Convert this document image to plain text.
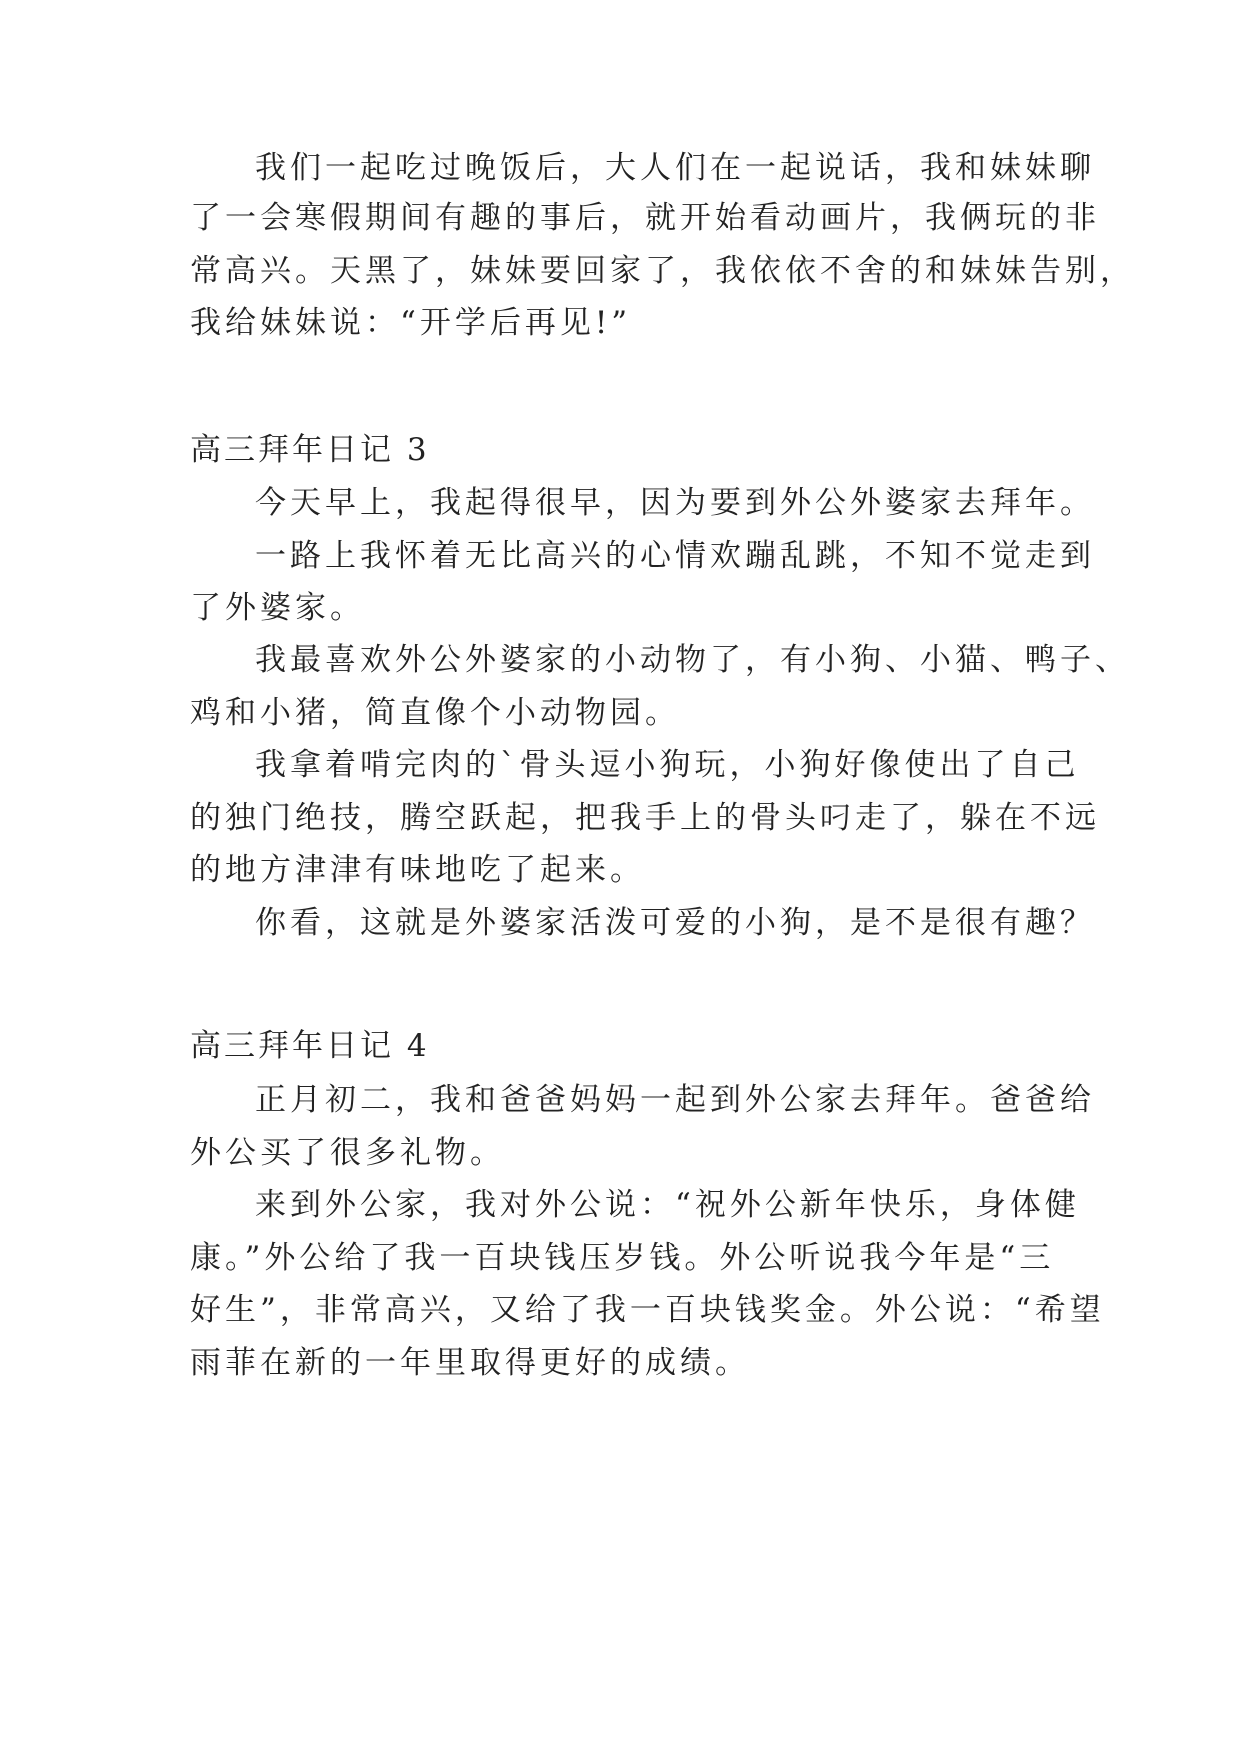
我们一起吃过晚饭后，大人们在一起说话，我和妹妹聊
了一会寒假期间有趣的事后，就开始看动画片，我俩玩的非
常高兴。天黑了，妹妹要回家了，我依依不舍的和妹妹告别，
我给妹妹说：“开学后再见!”
高三拜年日记 3
今天早上，我起得很早，因为要到外公外婆家去拜年。
一路上我怀着无比高兴的心情欢蹦乱跳，不知不觉走到
了外婆家。
我最喜欢外公外婆家的小动物了，有小狗、小猫、鸭子、
鸡和小猪，简直像个小动物园。
我拿着啃完肉的`骨头逗小狗玩，小狗好像使出了自己
的独门绝技，腾空跃起，把我手上的骨头叼走了，躲在不远
的地方津津有味地吃了起来。
你看，这就是外婆家活泼可爱的小狗，是不是很有趣？
高三拜年日记 4
正月初二，我和爸爸妈妈一起到外公家去拜年。爸爸给
外公买了很多礼物。
来到外公家，我对外公说：“祝外公新年快乐，身体健
康。”外公给了我一百块钱压岁钱。外公听说我今年是“三
好生”，非常高兴，又给了我一百块钱奖金。外公说：“希望
雨菲在新的一年里取得更好的成绩。
